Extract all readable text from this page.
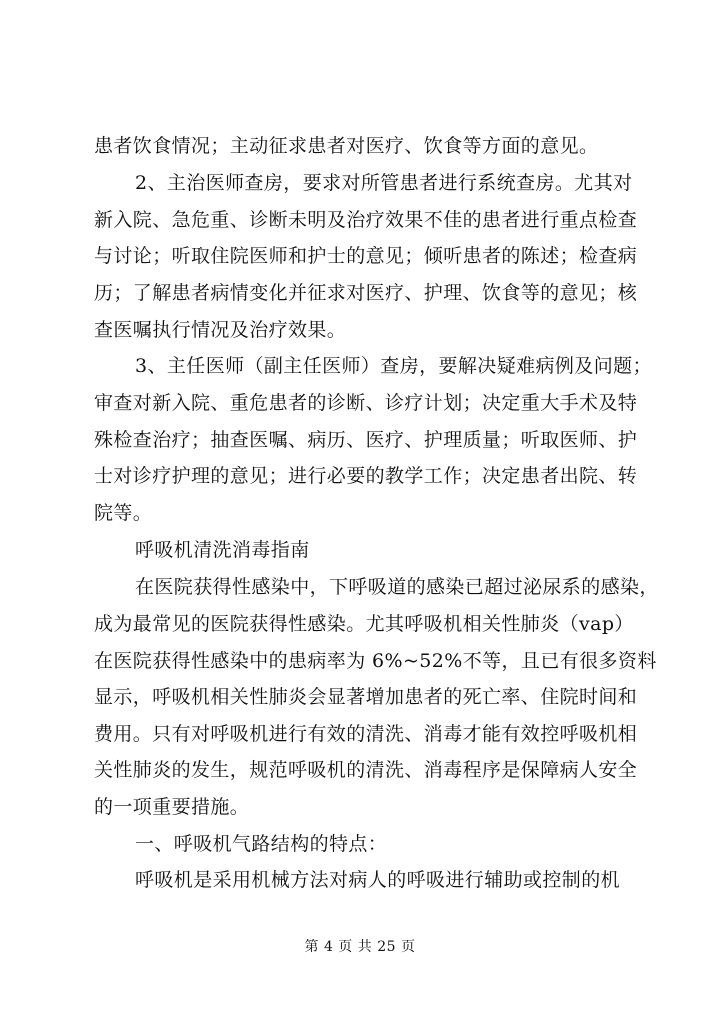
患者饮食情况；主动征求患者对医疗、饮食等方面的意见。
2、主治医师查房，要求对所管患者进行系统查房。尤其对
新入院、急危重、诊断未明及治疗效果不佳的患者进行重点检查
与讨论；听取住院医师和护士的意见；倾听患者的陈述；检查病
历；了解患者病情变化并征求对医疗、护理、饮食等的意见；核
查医嘱执行情况及治疗效果。
3、主任医师（副主任医师）查房，要解决疑难病例及问题；
审查对新入院、重危患者的诊断、诊疗计划；决定重大手术及特
殊检查治疗；抽查医嘱、病历、医疗、护理质量；听取医师、护
士对诊疗护理的意见；进行必要的教学工作；决定患者出院、转
院等。
呼吸机清洗消毒指南
在医院获得性感染中，下呼吸道的感染已超过泌尿系的感染，
成为最常见的医院获得性感染。尤其呼吸机相关性肺炎（vap）
在医院获得性感染中的患病率为 6%~52%不等，且已有很多资料
显示，呼吸机相关性肺炎会显著增加患者的死亡率、住院时间和
费用。只有对呼吸机进行有效的清洗、消毒才能有效控呼吸机相
关性肺炎的发生，规范呼吸机的清洗、消毒程序是保障病人安全
的一项重要措施。
一、呼吸机气路结构的特点：
呼吸机是采用机械方法对病人的呼吸进行辅助或控制的机
第 4 页 共 25 页
